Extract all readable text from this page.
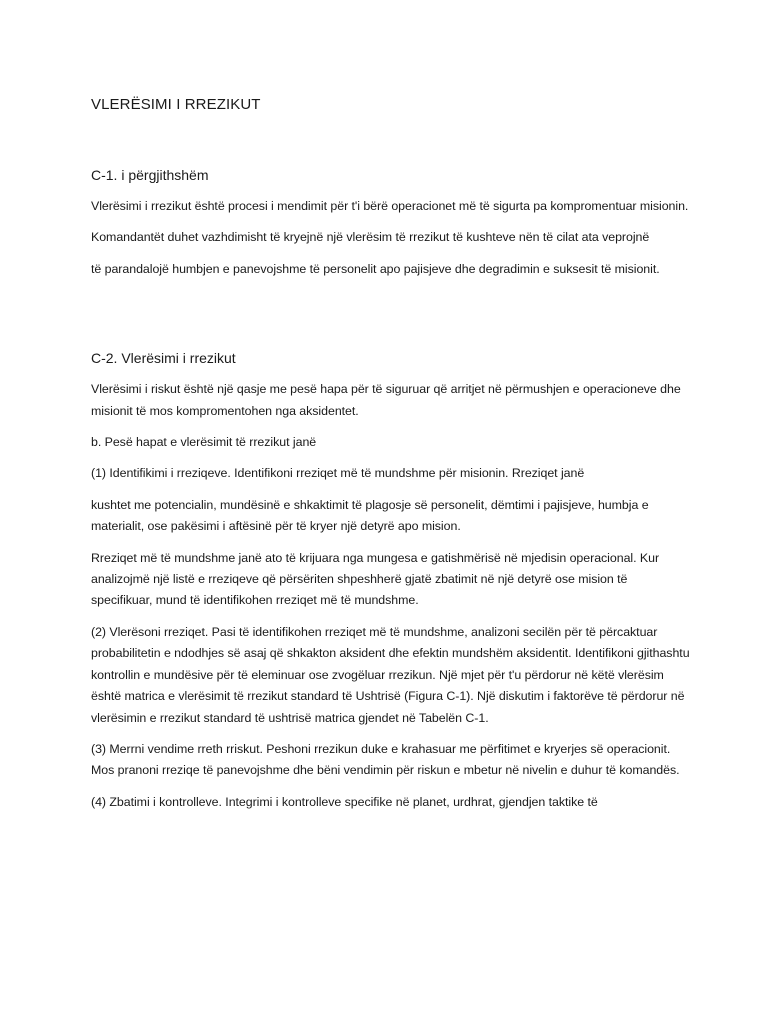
VLERËSIMI I RREZIKUT
C-1. i përgjithshëm

Vlerësimi i rrezikut është procesi i mendimit për t'i bërë operacionet më të sigurta pa kompromentuar misionin.

Komandantët duhet vazhdimisht të kryejnë një vlerësim të rrezikut të kushteve nën të cilat ata veprojnë

të parandalojë humbjen e panevojshme të personelit apo pajisjeve dhe degradimin e suksesit të misionit.

C-2. Vlerësimi i rrezikut

Vlerësimi i riskut është një qasje me pesë hapa për të siguruar që arritjet në përmushjen e operacioneve dhe misionit të mos kompromentohen nga aksidentet.

b. Pesë hapat e vlerësimit të rrezikut janë

(1) Identifikimi i rreziqeve. Identifikoni rreziqet më të mundshme për misionin. Rreziqet janë

kushtet me potencialin, mundësinë e shkaktimit të plagosje së personelit, dëmtimi i pajisjeve, humbja e materialit, ose pakësimi i aftësinë për të kryer një detyrë apo mision.

Rreziqet më të mundshme janë ato të krijuara nga mungesa e gatishmërisë në mjedisin operacional. Kur analizojmë një listë e rreziqeve që përsëriten shpeshherë gjatë zbatimit në një detyrë ose mision të specifikuar, mund të identifikohen rreziqet më të mundshme.

(2) Vlerësoni rreziqet. Pasi të identifikohen rreziqet më të mundshme, analizoni secilën për të përcaktuar probabilitetin e ndodhjes së asaj që shkakton aksident dhe efektin mundshëm aksidentit. Identifikoni gjithashtu kontrollin e mundësive për të eleminuar ose zvogëluar rrezikun. Një mjet për t'u përdorur në këtë vlerësim është matrica e vlerësimit të rrezikut standard të Ushtrisë (Figura C-1). Një diskutim i faktorëve të përdorur në vlerësimin e rrezikut standard të ushtrisë matrica gjendet në Tabelën C-1.

(3) Merrni vendime rreth rriskut. Peshoni rrezikun duke e krahasuar me përfitimet e kryerjes së operacionit. Mos pranoni rreziqe të panevojshme dhe bëni vendimin për riskun e mbetur në nivelin e duhur të komandës.

(4) Zbatimi i kontrolleve. Integrimi i kontrolleve specifike në planet, urdhrat, gjendjen taktike të
